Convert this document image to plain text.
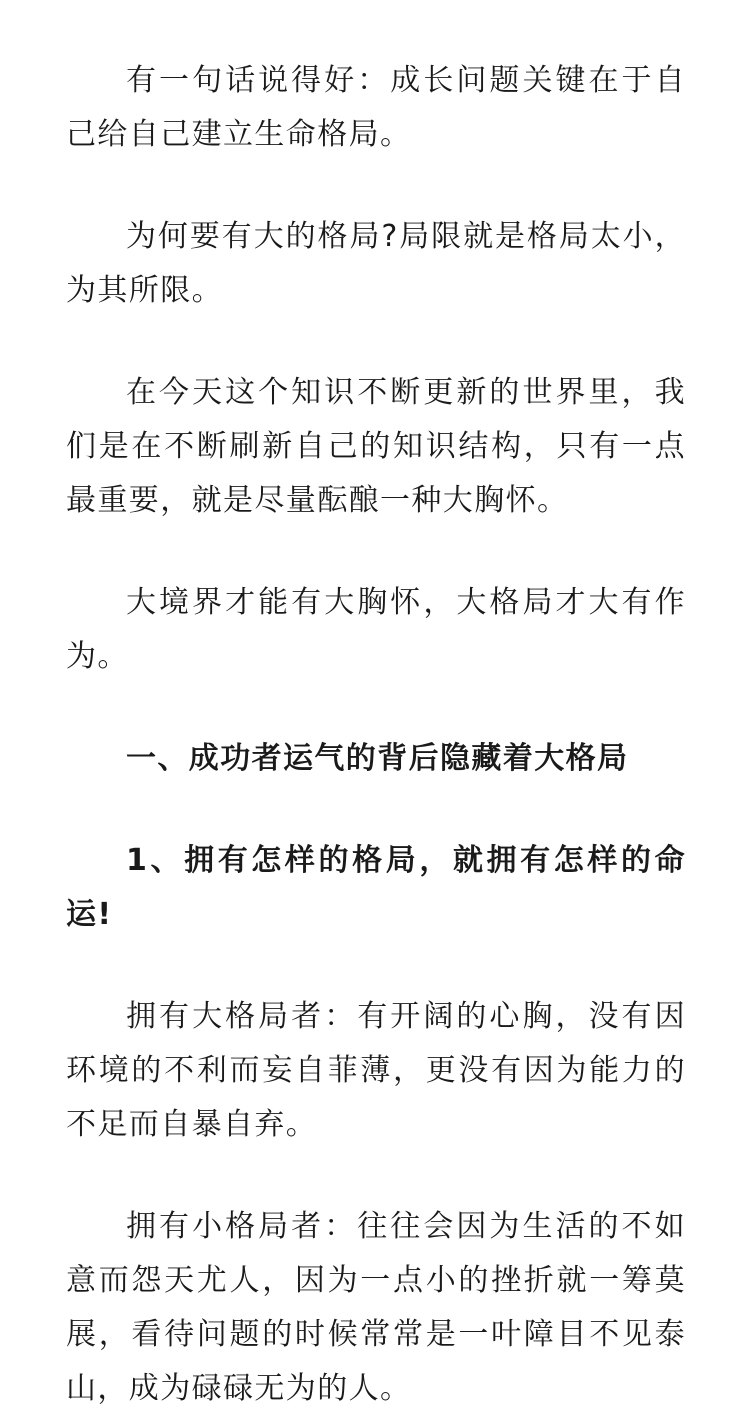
有一句话说得好：成长问题关键在于自己给自己建立生命格局。

为何要有大的格局?局限就是格局太小，为其所限。

在今天这个知识不断更新的世界里，我们是在不断刷新自己的知识结构，只有一点最重要，就是尽量酝酿一种大胸怀。

大境界才能有大胸怀，大格局才大有作为。

一、成功者运气的背后隐藏着大格局

1、拥有怎样的格局，就拥有怎样的命运!

拥有大格局者：有开阔的心胸，没有因环境的不利而妄自菲薄，更没有因为能力的不足而自暴自弃。

拥有小格局者：往往会因为生活的不如意而怨天尤人，因为一点小的挫折就一筹莫展，看待问题的时候常常是一叶障目不见泰山，成为碌碌无为的人。
